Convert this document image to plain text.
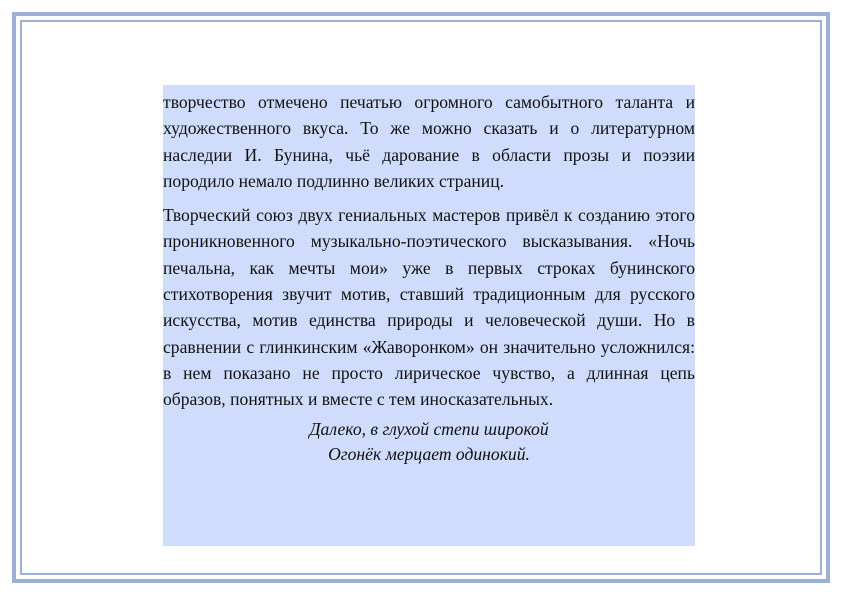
творчество отмечено печатью огромного самобытного таланта и художественного вкуса. То же можно сказать и о литературном наследии И. Бунина, чьё дарование в области прозы и поэзии породило немало подлинно великих страниц.

Творческий союз двух гениальных мастеров привёл к созданию этого проникновенного музыкально-поэтического высказывания. «Ночь печальна, как мечты мои» уже в первых строках бунинского стихотворения звучит мотив, ставший традиционным для русского искусства, мотив единства природы и человеческой души. Но в сравнении с глинкинским «Жаворонком» он значительно усложнился: в нем показано не просто лирическое чувство, а длинная цепь образов, понятных и вместе с тем иносказательных.

Далеко, в глухой степи широкой
Огонёк мерцает одинокий.
